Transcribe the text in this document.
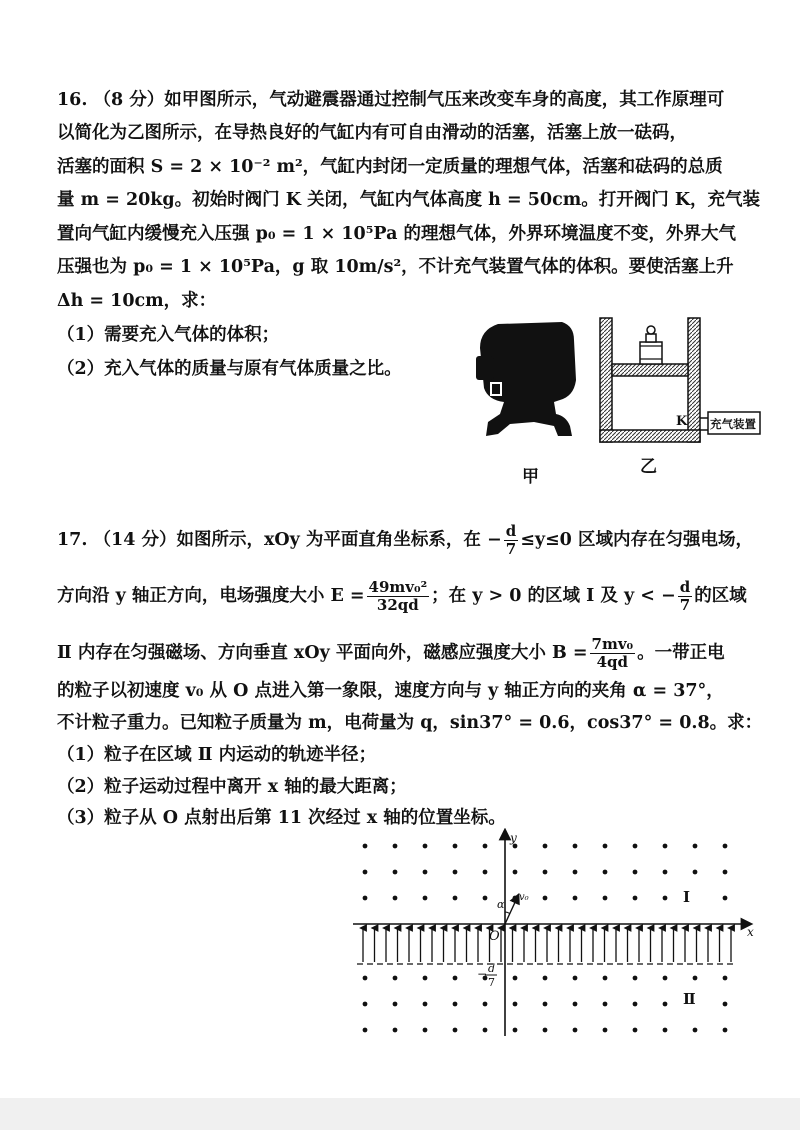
16. （8 分）如甲图所示，气动避震器通过控制气压来改变车身的高度，其工作原理可
以简化为乙图所示，在导热良好的气缸内有可自由滑动的活塞，活塞上放一砝码，
活塞的面积 S = 2 × 10⁻² m²，气缸内封闭一定质量的理想气体，活塞和砝码的总质
量 m = 20kg。初始时阀门 K 关闭，气缸内气体高度 h = 50cm。打开阀门 K，充气装
置向气缸内缓慢充入压强 p₀ = 1 × 10⁵Pa 的理想气体，外界环境温度不变，外界大气
压强也为 p₀ = 1 × 10⁵Pa，g 取 10m/s²，不计充气装置气体的体积。要使活塞上升
Δh = 10cm，求：
（1）需要充入气体的体积；
（2）充入气体的质量与原有气体质量之比。
甲
K 充气装置
乙
17. （14 分）如图所示，xOy 为平面直角坐标系，在 − $\frac{d}{7} \le y\le 0$ 区域内存在匀强电场，
方向沿 y 轴正方向，电场强度大小 $E = \frac{\text{49mv₀²}}{32qd}$ ；在 y > 0 的区域 Ⅰ 及 y < − $\frac{d}{7}$ 的区域
Ⅱ 内存在匀强磁场、方向垂直 xOy 平面向外，磁感应强度大小 $B = \frac{\text{7mv₀}}{4qd}$ 。一带正电
的粒子以初速度 v₀ 从 O 点进入第一象限，速度方向与 y 轴正方向的夹角 α = 37°，
不计粒子重力。已知粒子质量为 m，电荷量为 q，sin37° = 0.6，cos37° = 0.8。求：
（1）粒子在区域 Ⅱ 内运动的轨迹半径；
（2）粒子运动过程中离开 x 轴的最大距离；
（3）粒子从 O 点射出后第 11 次经过 x 轴的位置坐标。
y
x
O
α
v₀	Ⅰ
Ⅱ
− d
7
